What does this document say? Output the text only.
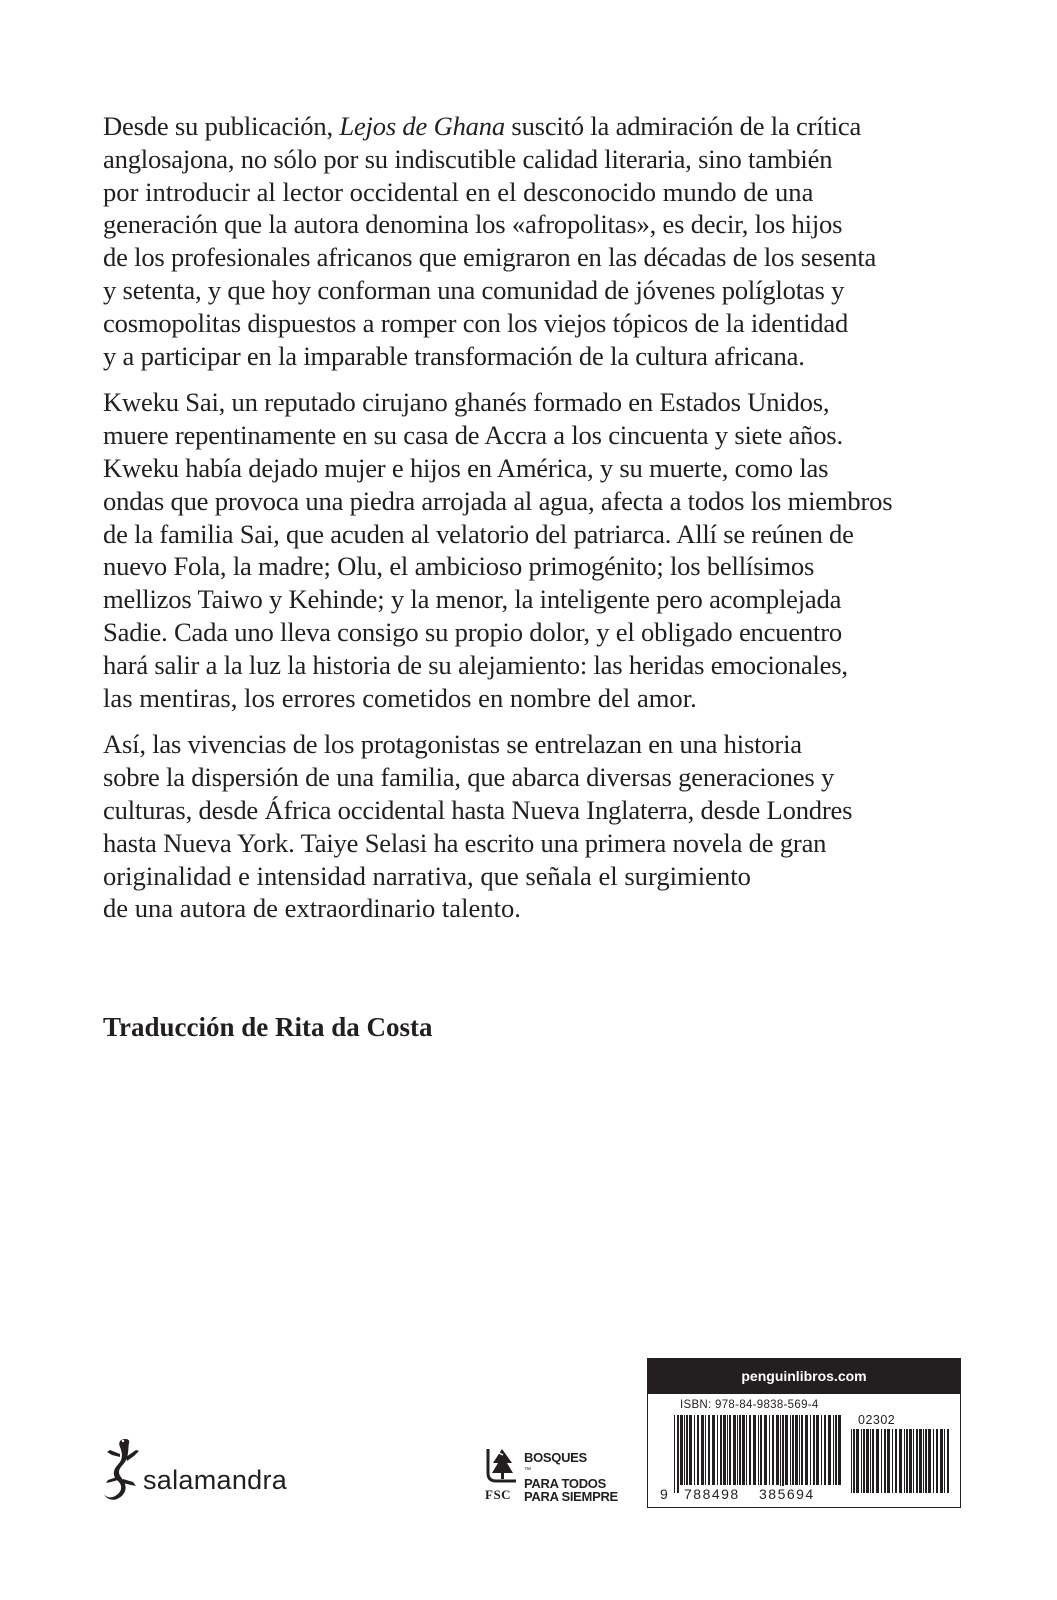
Desde su publicación, Lejos de Ghana suscitó la admiración de la crítica
anglosajona, no sólo por su indiscutible calidad literaria, sino también
por introducir al lector occidental en el desconocido mundo de una
generación que la autora denomina los «afropolitas», es decir, los hijos
de los profesionales africanos que emigraron en las décadas de los sesenta
y setenta, y que hoy conforman una comunidad de jóvenes políglotas y
cosmopolitas dispuestos a romper con los viejos tópicos de la identidad
y a participar en la imparable transformación de la cultura africana.

Kweku Sai, un reputado cirujano ghanés formado en Estados Unidos,
muere repentinamente en su casa de Accra a los cincuenta y siete años.
Kweku había dejado mujer e hijos en América, y su muerte, como las
ondas que provoca una piedra arrojada al agua, afecta a todos los miembros
de la familia Sai, que acuden al velatorio del patriarca. Allí se reúnen de
nuevo Fola, la madre; Olu, el ambicioso primogénito; los bellísimos
mellizos Taiwo y Kehinde; y la menor, la inteligente pero acomplejada
Sadie. Cada uno lleva consigo su propio dolor, y el obligado encuentro
hará salir a la luz la historia de su alejamiento: las heridas emocionales,
las mentiras, los errores cometidos en nombre del amor.

Así, las vivencias de los protagonistas se entrelazan en una historia
sobre la dispersión de una familia, que abarca diversas generaciones y
culturas, desde África occidental hasta Nueva Inglaterra, desde Londres
hasta Nueva York. Taiye Selasi ha escrito una primera novela de gran
originalidad e intensidad narrativa, que señala el surgimiento
de una autora de extraordinario talento.

Traducción de Rita da Costa
salamandra	FSC
BOSQUES
™
PARA TODOS
PARA SIEMPRE
penguinlibros.com
ISBN: 978-84-9838-569-4
02302
9 788498 385694
